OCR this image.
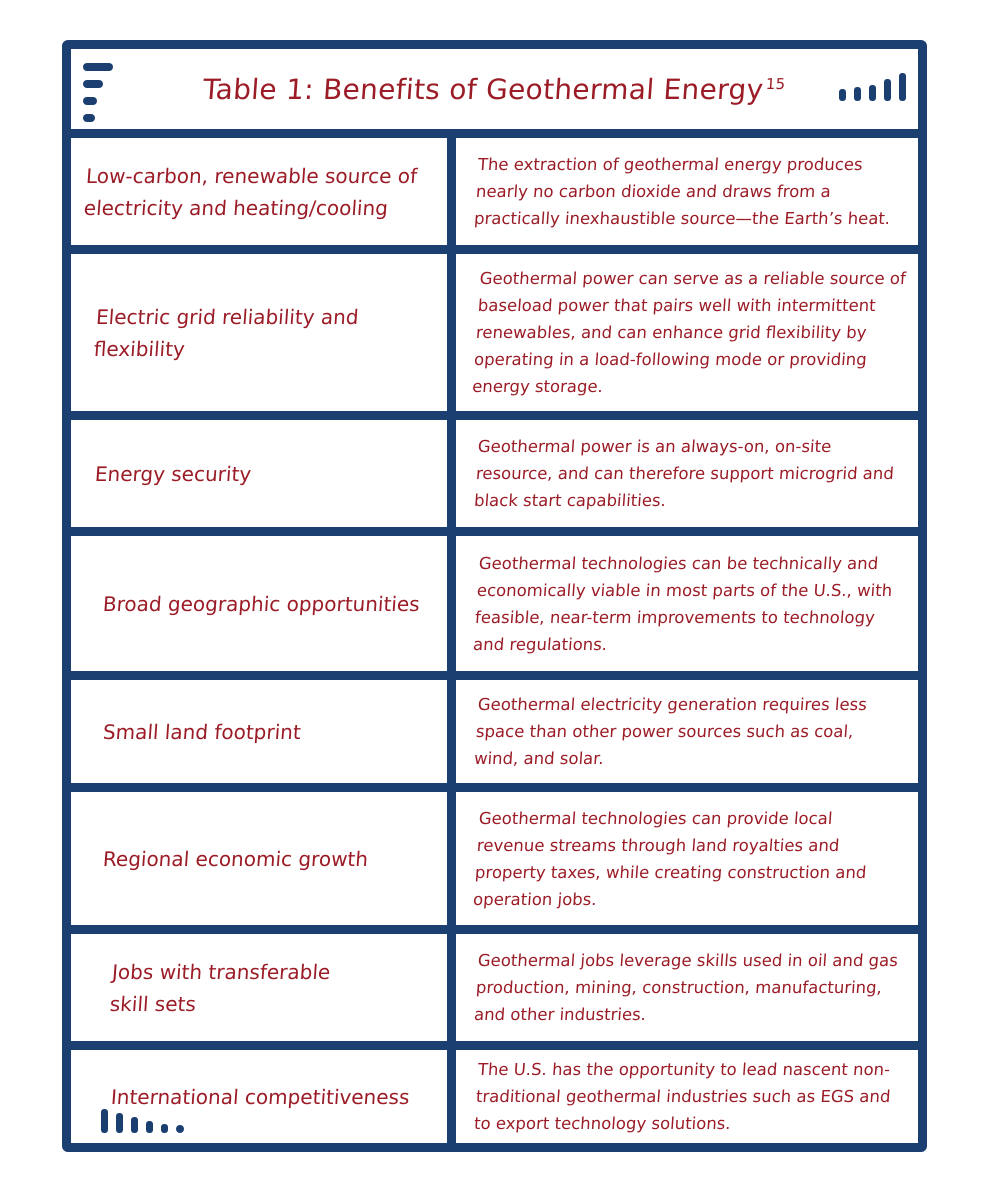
Table 1: Benefits of Geothermal Energy$^{15}$
Low-carbon, renewable source of electricity and heating/cooling
The extraction of geothermal energy produces nearly no carbon dioxide and draws from a practically inexhaustible source—the Earth’s heat.
Electric grid reliability and flexibility
Geothermal power can serve as a reliable source of baseload power that pairs well with intermittent renewables, and can enhance grid flexibility by operating in a load-following mode or providing energy storage.
Energy security
Geothermal power is an always-on, on-site resource, and can therefore support microgrid and black start capabilities.
Broad geographic opportunities
Geothermal technologies can be technically and economically viable in most parts of the U.S., with feasible, near-term improvements to technology and regulations.
Small land footprint
Geothermal electricity generation requires less space than other power sources such as coal, wind, and solar.
Regional economic growth
Geothermal technologies can provide local revenue streams through land royalties and property taxes, while creating construction and operation jobs.
Jobs with transferable skill sets
Geothermal jobs leverage skills used in oil and gas production, mining, construction, manufacturing, and other industries.
International competitiveness
The U.S. has the opportunity to lead nascent non-traditional geothermal industries such as EGS and to export technology solutions.
